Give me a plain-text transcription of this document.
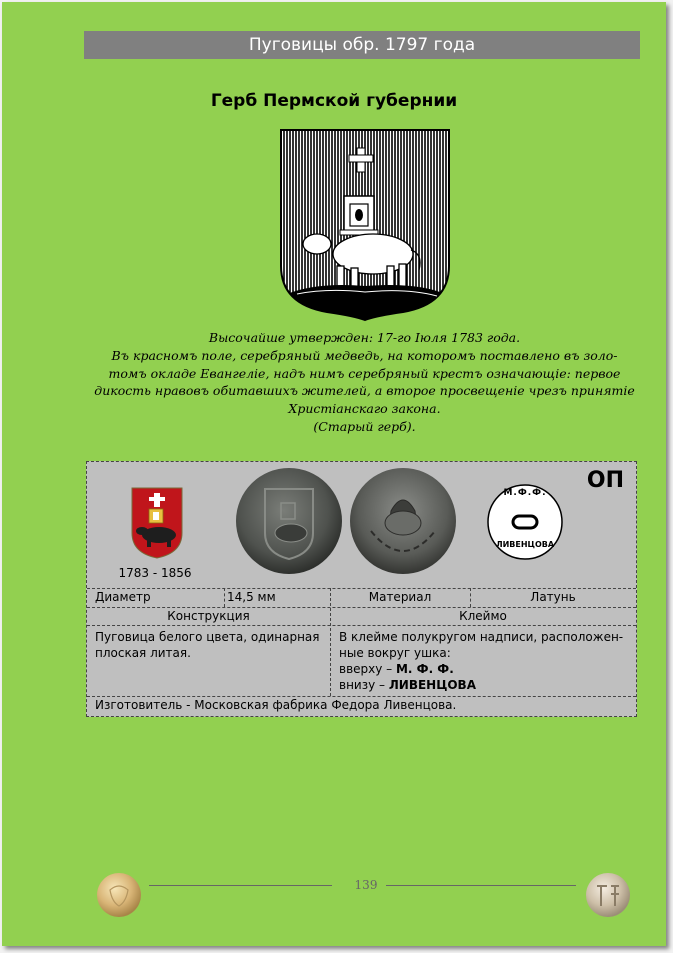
Пуговицы обр. 1797 года
Герб Пермской губернии
Высочайше утвержден: 17-го Іюля 1783 года.
Въ красномъ поле, серебряный медведь, на которомъ поставлено въ золо-
томъ окладе Евангеліе, надъ нимъ серебряный крестъ означающіе: первое
дикость нравовъ обитавшихъ жителей, а второе просвещеніе чрезъ принятіе
Христіанскаго закона.
(Старый герб).
1783 - 1856
М.Ф.Ф.
ЛИВЕНЦОВА
ОП
Диаметр	14,5 мм	Материал	Латунь
Конструкция	Клеймо
Пуговица белого цвета, одинарная плоская литая.
В клейме полукругом надписи, расположен-
ные вокруг ушка:
вверху – М. Ф. Ф.
внизу – ЛИВЕНЦОВА
Изготовитель - Московская фабрика Федора Ливенцова.
139
